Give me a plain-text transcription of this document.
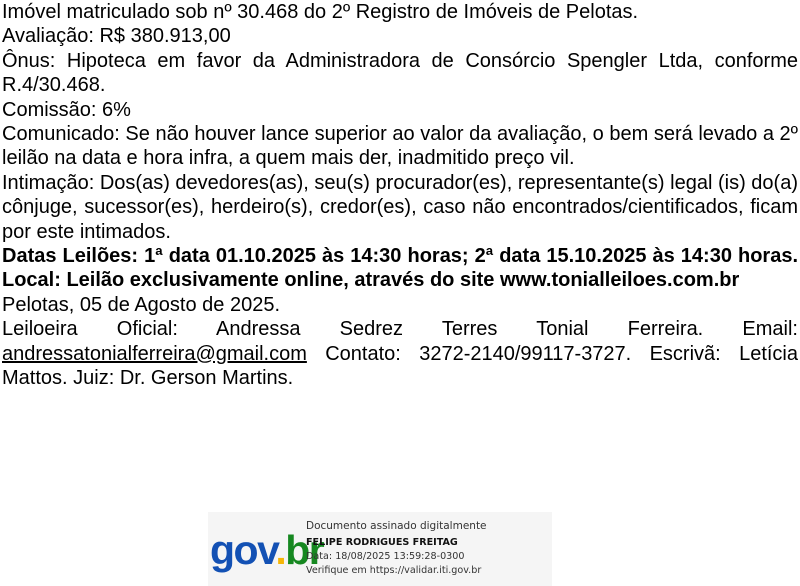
Imóvel matriculado sob nº 30.468 do 2º Registro de Imóveis de Pelotas.

Avaliação: R$ 380.913,00

Ônus: Hipoteca em favor da Administradora de Consórcio Spengler Ltda, conforme R.4/30.468.

Comissão: 6%

Comunicado: Se não houver lance superior ao valor da avaliação, o bem será levado a 2º leilão na data e hora infra, a quem mais der, inadmitido preço vil.

Intimação: Dos(as) devedores(as), seu(s) procurador(es), representante(s) legal (is) do(a) cônjuge, sucessor(es), herdeiro(s), credor(es), caso não encontrados/cientificados, ficam por este intimados.

Datas Leilões: 1ª data 01.10.2025 às 14:30 horas; 2ª data 15.10.2025 às 14:30 horas. Local: Leilão exclusivamente online, através do site www.tonialleiloes.com.br

Pelotas, 05 de Agosto de 2025.

Leiloeira Oficial: Andressa Sedrez Terres Tonial Ferreira. Email:

andressatonialferreira@gmail.com Contato: 3272-2140/99117-3727. Escrivã: Letícia Mattos. Juiz: Dr. Gerson Martins.

gov.br
Documento assinado digitalmente
FELIPE RODRIGUES FREITAG
Data: 18/08/2025 13:59:28-0300
Verifique em https://validar.iti.gov.br
